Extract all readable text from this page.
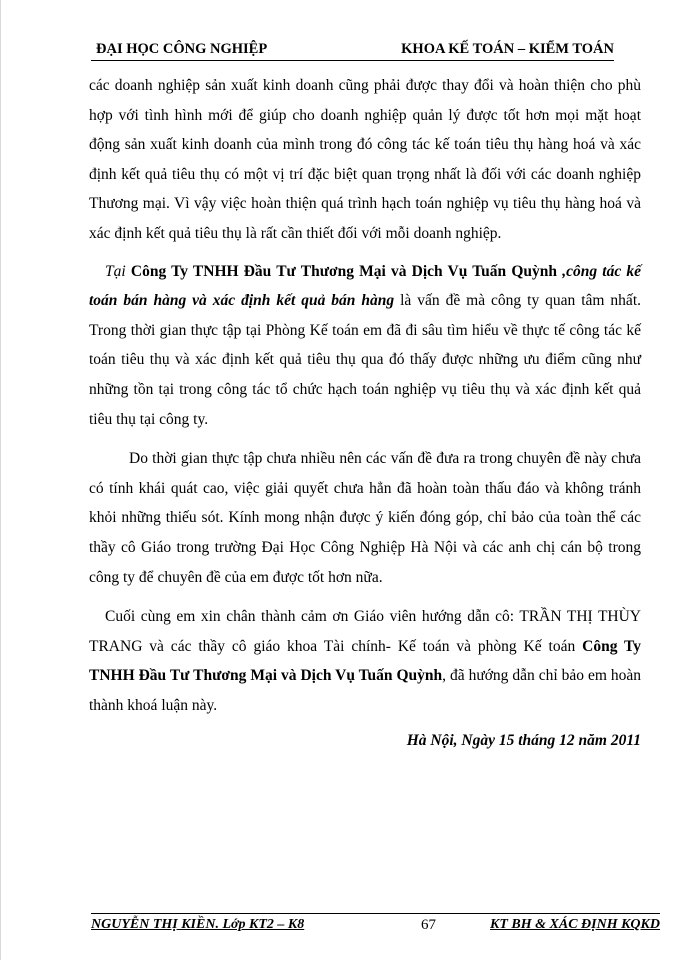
ĐẠI HỌC CÔNG NGHIỆP	KHOA KẾ TOÁN – KIỂM TOÁN

các doanh nghiệp sản xuất kinh doanh cũng phải được thay đổi và hoàn thiện cho phù hợp với tình hình mới để giúp cho doanh nghiệp quản lý được tốt hơn mọi mặt hoạt động sản xuất kinh doanh của mình trong đó công tác kế toán tiêu thụ hàng hoá và xác định kết quả tiêu thụ có một vị trí đặc biệt quan trọng nhất là đối với các doanh nghiệp Thương mại. Vì vậy việc hoàn thiện quá trình hạch toán nghiệp vụ tiêu thụ hàng hoá và xác định kết quả tiêu thụ là rất cần thiết đối với mỗi doanh nghiệp.

Tại Công Ty TNHH Đầu Tư Thương Mại và Dịch Vụ Tuấn Quỳnh ,công tác kế toán bán hàng và xác định kết quả bán hàng là vấn đề mà công ty quan tâm nhất. Trong thời gian thực tập tại Phòng Kế toán em đã đi sâu tìm hiểu về thực tế công tác kế toán tiêu thụ và xác định kết quả tiêu thụ qua đó thấy được những ưu điểm cũng như những tồn tại trong công tác tổ chức hạch toán nghiệp vụ tiêu thụ và xác định kết quả tiêu thụ tại công ty.

Do thời gian thực tập chưa nhiều nên các vấn đề đưa ra trong chuyên đề này chưa có tính khái quát cao, việc giải quyết chưa hẳn đã hoàn toàn thấu đáo và không tránh khỏi những thiếu sót. Kính mong nhận được ý kiến đóng góp, chỉ bảo của toàn thể các thầy cô Giáo trong trường Đại Học Công Nghiệp Hà Nội và các anh chị cán bộ trong công ty để chuyên đề của em được tốt hơn nữa.

Cuối cùng em xin chân thành cảm ơn Giáo viên hướng dẫn cô: TRẦN THỊ THÙY TRANG và các thầy cô giáo khoa Tài chính- Kế toán và phòng Kế toán Công Ty TNHH Đầu Tư Thương Mại và Dịch Vụ Tuấn Quỳnh, đã hướng dẫn chỉ bảo em hoàn thành khoá luận này.

Hà Nội, Ngày 15 tháng 12 năm 2011

NGUYỄN THỊ KIỀN. Lớp KT2 – K8	67	KT BH & XÁC ĐỊNH KQKD
